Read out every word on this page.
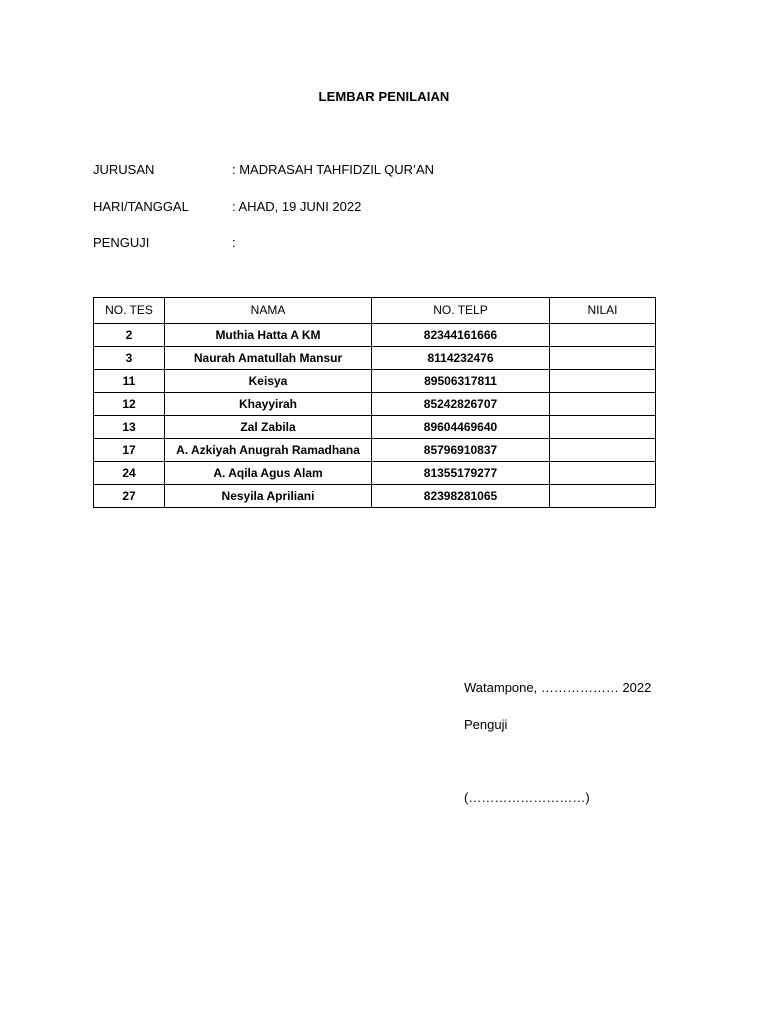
LEMBAR PENILAIAN
JURUSAN	: MADRASAH TAHFIDZIL QUR’AN
HARI/TANGGAL	: AHAD, 19 JUNI 2022
PENGUJI	:
NO. TES	NAMA	NO. TELP	NILAI
2	Muthia Hatta A KM	82344161666	
3	Naurah Amatullah Mansur	8114232476	
11	Keisya	89506317811	
12	Khayyirah	85242826707	
13	Zal Zabila	89604469640	
17	A. Azkiyah Anugrah Ramadhana	85796910837	
24	A. Aqila Agus Alam	81355179277	
27	Nesyila Apriliani	82398281065	
Watampone, ……………… 2022
Penguji
(………………………)
